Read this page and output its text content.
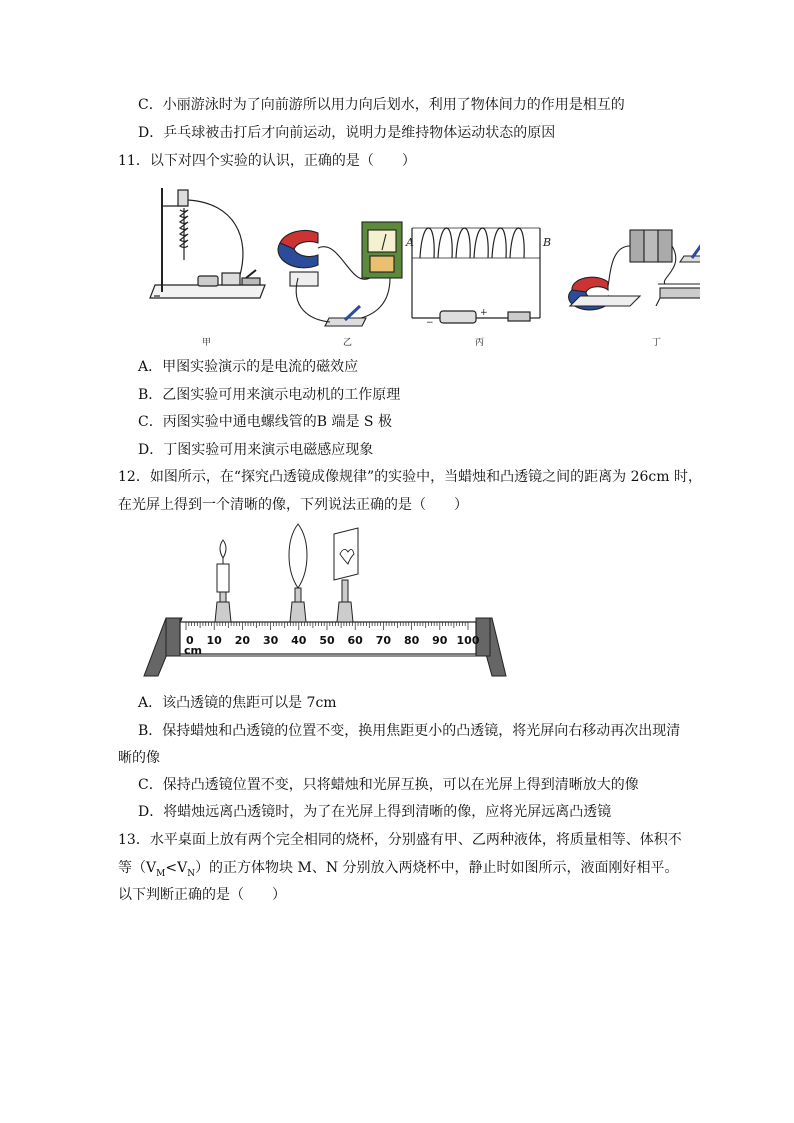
C．小丽游泳时为了向前游所以用力向后划水，利用了物体间力的作用是相互的
D．乒乓球被击打后才向前运动，说明力是维持物体运动状态的原因
11．以下对四个实验的认识，正确的是（　　）
−
+
甲	乙	丙	丁
A	B
A．甲图实验演示的是电流的磁效应
B．乙图实验可用来演示电动机的工作原理
C．丙图实验中通电螺线管的B 端是 S 极
D．丁图实验可用来演示电磁感应现象
12．如图所示，在“探究凸透镜成像规律”的实验中，当蜡烛和凸透镜之间的距离为 26cm 时，
在光屏上得到一个清晰的像，下列说法正确的是（　　）
0 10 20 30 40 50 60 70 80 90 100
cm
A．该凸透镜的焦距可以是 7cm
B．保持蜡烛和凸透镜的位置不变，换用焦距更小的凸透镜，将光屏向右移动再次出现清
晰的像
C．保持凸透镜位置不变，只将蜡烛和光屏互换，可以在光屏上得到清晰放大的像
D．将蜡烛远离凸透镜时，为了在光屏上得到清晰的像，应将光屏远离凸透镜
13．水平桌面上放有两个完全相同的烧杯，分别盛有甲、乙两种液体，将质量相等、体积不
等$(V_M<V_N)$的正方体物块 M、N 分别放入两烧杯中，静止时如图所示，液面刚好相平。
以下判断正确的是（　　）
